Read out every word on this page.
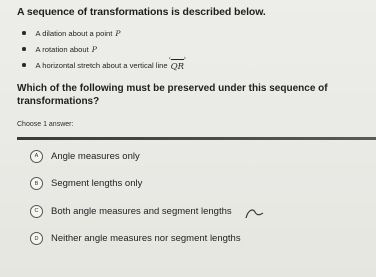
A sequence of transformations is described below.
A dilation about a point P
A rotation about P
A horizontal stretch about a vertical line
‹
QR
›
Which of the following must be preserved under this sequence of transformations?
Choose 1 answer:
A	Angle measures only
B	Segment lengths only
C	Both angle measures and segment lengths
D	Neither angle measures nor segment lengths
